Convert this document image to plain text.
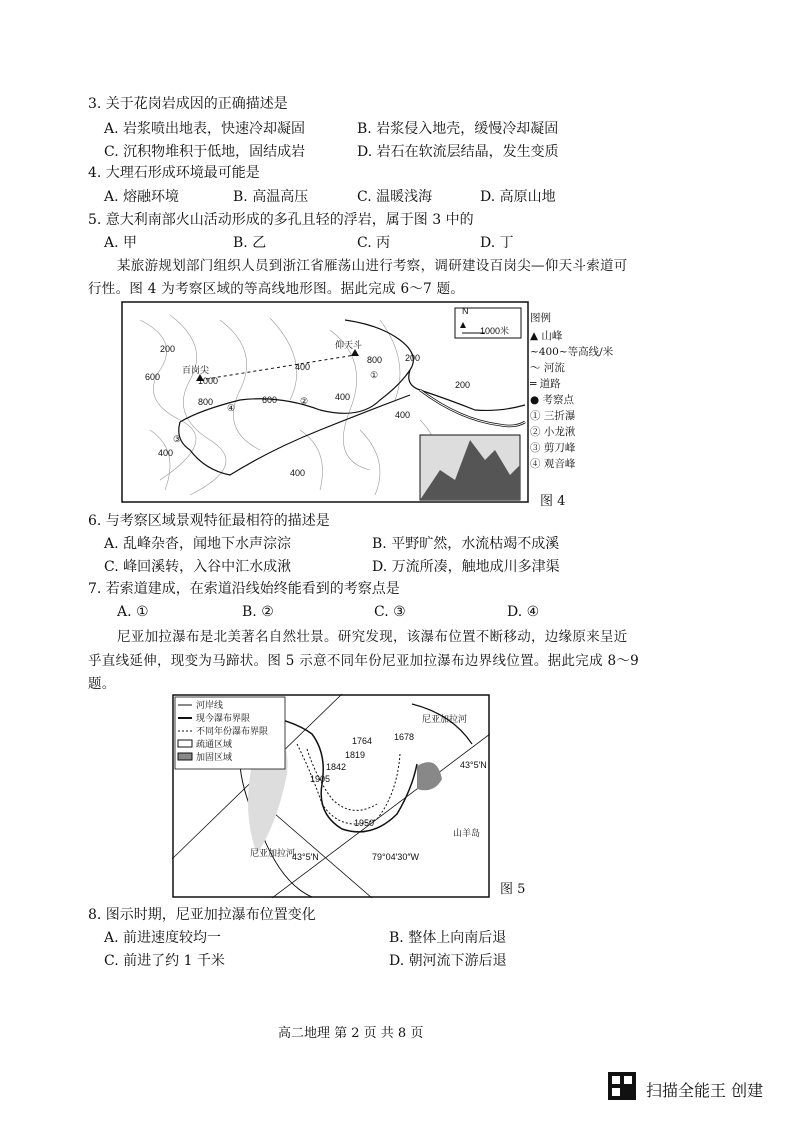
3. 关于花岗岩成因的正确描述是
A. 岩浆喷出地表，快速冷却凝固	B. 岩浆侵入地壳，缓慢冷却凝固
C. 沉积物堆积于低地，固结成岩	D. 岩石在软流层结晶，发生变质
4. 大理石形成环境最可能是
A. 熔融环境	B. 高温高压	C. 温暖浅海	D. 高原山地
5. 意大利南部火山活动形成的多孔且轻的浮岩，属于图 3 中的
A. 甲	B. 乙	C. 丙	D. 丁
某旅游规划部门组织人员到浙江省雁荡山进行考察，调研建设百岗尖—仰天斗索道可
行性。图 4 为考察区域的等高线地形图。据此完成 6～7 题。
N
1000米
百岗尖
仰天斗
200
600	1000
800	600
400
400
200
400
400
200
800
400
①
②
③
④
图例
▲ 山峰
~400~等高线/米
～ 河流
═ 道路
● 考察点
① 三折瀑
② 小龙湫
③ 剪刀峰
④ 观音峰
图 4
6. 与考察区域景观特征最相符的描述是
A. 乱峰杂沓，闻地下水声淙淙	B. 平野旷然，水流枯竭不成溪
C. 峰回溪转，入谷中汇水成湫	D. 万流所凑，触地成川多津渠
7. 若索道建成，在索道沿线始终能看到的考察点是
A. ①	B. ②	C. ③	D. ④
尼亚加拉瀑布是北美著名自然壮景。研究发现，该瀑布位置不断移动，边缘原来呈近
乎直线延伸，现变为马蹄状。图 5 示意不同年份尼亚加拉瀑布边界线位置。据此完成 8～9
题。
河岸线
现今瀑布界限
不同年份瀑布界限
疏通区域
加固区域
尼亚加拉河
尼亚加拉河
山羊岛
1678
1764
1819
1842
1905
1950
43°5′N
43°5′N	79°04′30″W
图 5
8. 图示时期，尼亚加拉瀑布位置变化
A. 前进速度较均一	B. 整体上向南后退
C. 前进了约 1 千米	D. 朝河流下游后退
高二地理 第 2 页 共 8 页
扫描全能王 创建
